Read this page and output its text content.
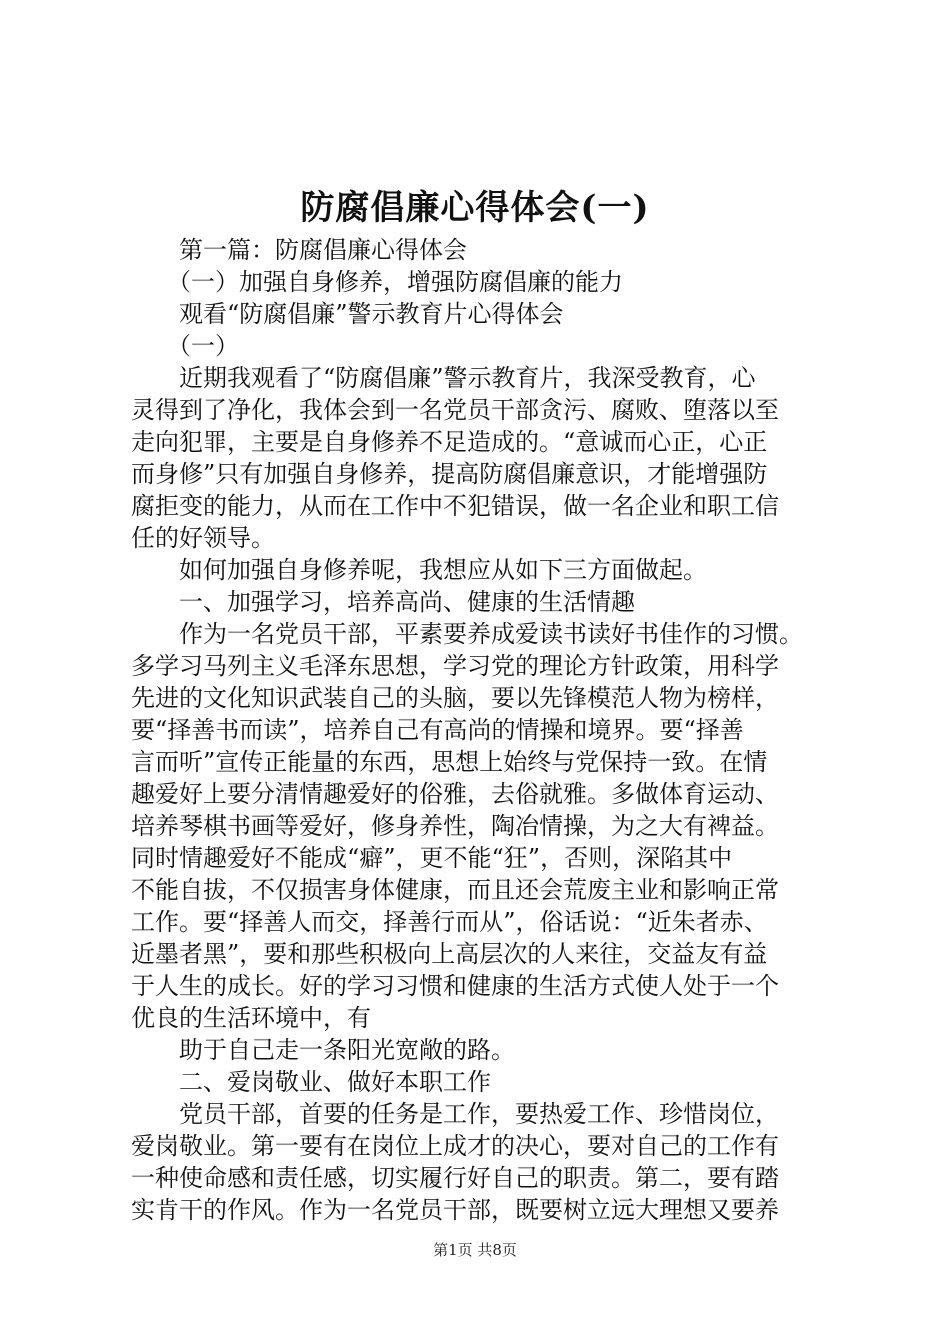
防腐倡廉心得体会(一)
　　第一篇：防腐倡廉心得体会
　　（一）加强自身修养，增强防腐倡廉的能力
　　观看“防腐倡廉”警示教育片心得体会
　　（一）
　　近期我观看了“防腐倡廉”警示教育片，我深受教育，心
灵得到了净化，我体会到一名党员干部贪污、腐败、堕落以至
走向犯罪，主要是自身修养不足造成的。“意诚而心正，心正
而身修”只有加强自身修养，提高防腐倡廉意识，才能增强防
腐拒变的能力，从而在工作中不犯错误，做一名企业和职工信
任的好领导。
　　如何加强自身修养呢，我想应从如下三方面做起。
　　一、加强学习，培养高尚、健康的生活情趣
　　作为一名党员干部，平素要养成爱读书读好书佳作的习惯。
多学习马列主义毛泽东思想，学习党的理论方针政策，用科学
先进的文化知识武装自己的头脑，要以先锋模范人物为榜样，
要“择善书而读”，培养自己有高尚的情操和境界。要“择善
言而听”宣传正能量的东西，思想上始终与党保持一致。在情
趣爱好上要分清情趣爱好的俗雅，去俗就雅。多做体育运动、
培养琴棋书画等爱好，修身养性，陶冶情操，为之大有裨益。
同时情趣爱好不能成“癖”，更不能“狂”，否则，深陷其中
不能自拔，不仅损害身体健康，而且还会荒废主业和影响正常
工作。要“择善人而交，择善行而从”，俗话说：“近朱者赤、
近墨者黑”，要和那些积极向上高层次的人来往，交益友有益
于人生的成长。好的学习习惯和健康的生活方式使人处于一个
优良的生活环境中，有
　　助于自己走一条阳光宽敞的路。
　　二、爱岗敬业、做好本职工作
　　党员干部，首要的任务是工作，要热爱工作、珍惜岗位，
爱岗敬业。第一要有在岗位上成才的决心，要对自己的工作有
一种使命感和责任感，切实履行好自己的职责。第二，要有踏
实肯干的作风。作为一名党员干部，既要树立远大理想又要养
第1页 共8页
